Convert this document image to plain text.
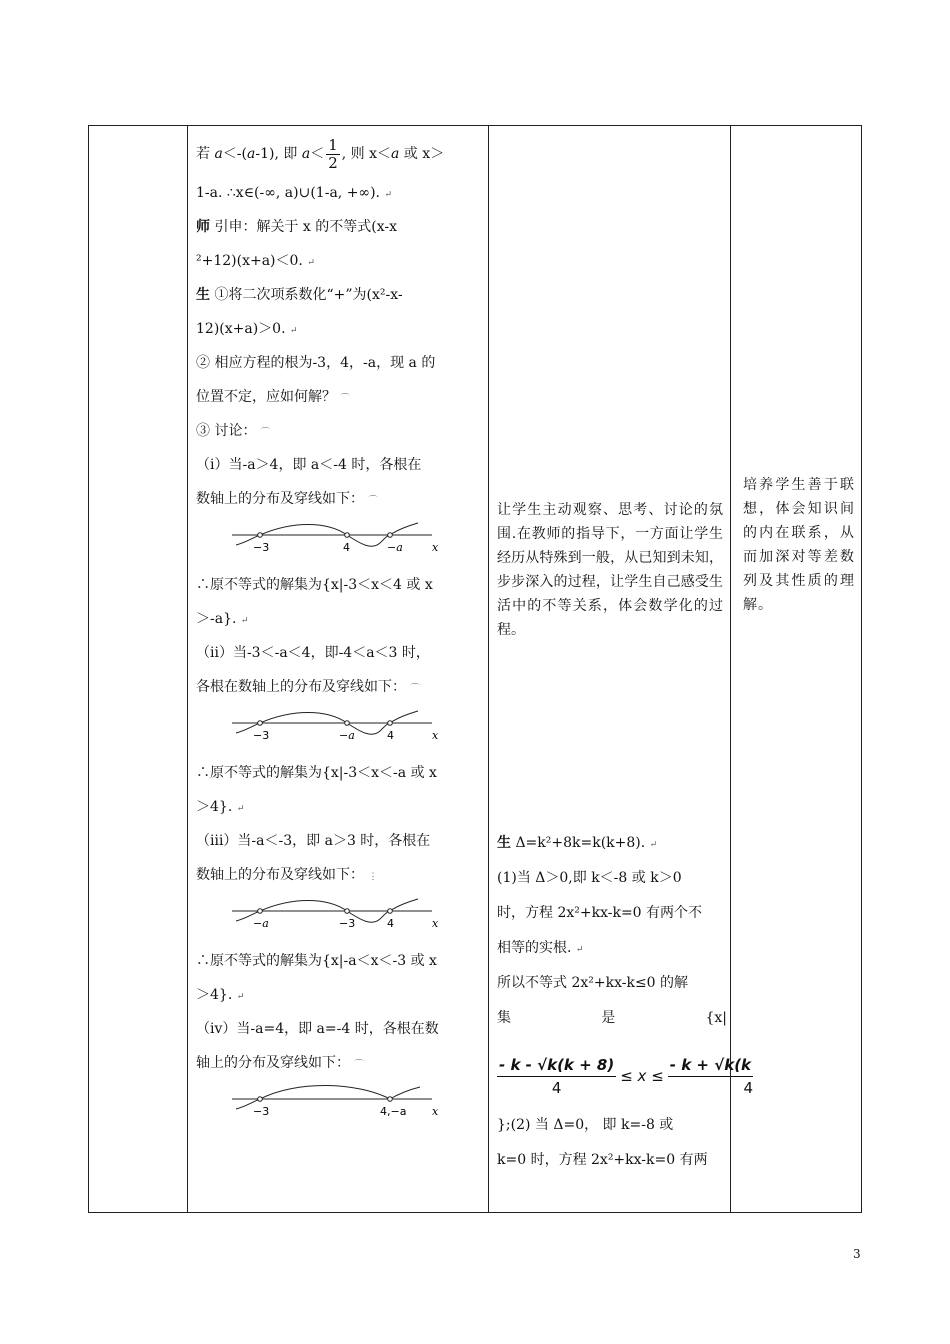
若 a＜-(a-1), 即 $a< \frac{1}{2}$ , 则 x＜a 或 x＞
1-a. ∴x∈(-∞, a)∪(1-a, +∞). ↵
师 引申：解关于 x 的不等式(x-x
²+12)(x+a)＜0. ↵
生 ①将二次项系数化“+”为(x²-x-
12)(x+a)＞0. ↵
② 相应方程的根为-3，4，-a，现 a 的
位置不定，应如何解？ ⌒
③ 讨论： ⌒
（ⅰ）当-a＞4，即 a＜-4 时，各根在
数轴上的分布及穿线如下： ⌒
−3	4	−a	x
∴原不等式的解集为{x|-3＜x＜4 或 x
＞-a}. ↵
（ⅱ）当-3＜-a＜4，即-4＜a＜3 时，
各根在数轴上的分布及穿线如下： ⌒
−3	−a	4	x
∴原不等式的解集为{x|-3＜x＜-a 或 x
＞4}. ↵
（ⅲ）当-a＜-3，即 a＞3 时，各根在
数轴上的分布及穿线如下： ⋮
−a	−3	4	x
∴原不等式的解集为{x|-a＜x＜-3 或 x
＞4}. ↵
（ⅳ）当-a=4，即 a=-4 时，各根在数
轴上的分布及穿线如下： ⌒
−3	4,−a x
让学生主动观察、思考、讨论的氛围.在教师的指导下，一方面让学生经历从特殊到一般，从已知到未知，步步深入的过程，让学生自己感受生活中的不等关系，体会数学化的过程。
生 Δ=k²+8k=k(k+8). ↵
(1)当 Δ＞0,即 k＜-8 或 k＞0
时，方程 2x²+kx-k=0 有两个不
相等的实根. ↵
所以不等式 2x²+kx-k≤0 的解
集	是	{x|
$\frac{- k - √k(k + 8)}{4} \le x \le \frac{- k + √k(k}{4}$
};(2) 当 Δ=0， 即 k=-8 或
k=0 时，方程 2x²+kx-k=0 有两
培养学生善于联想，体会知识间的内在联系，从而加深对等差数列及其性质的理解。
3
